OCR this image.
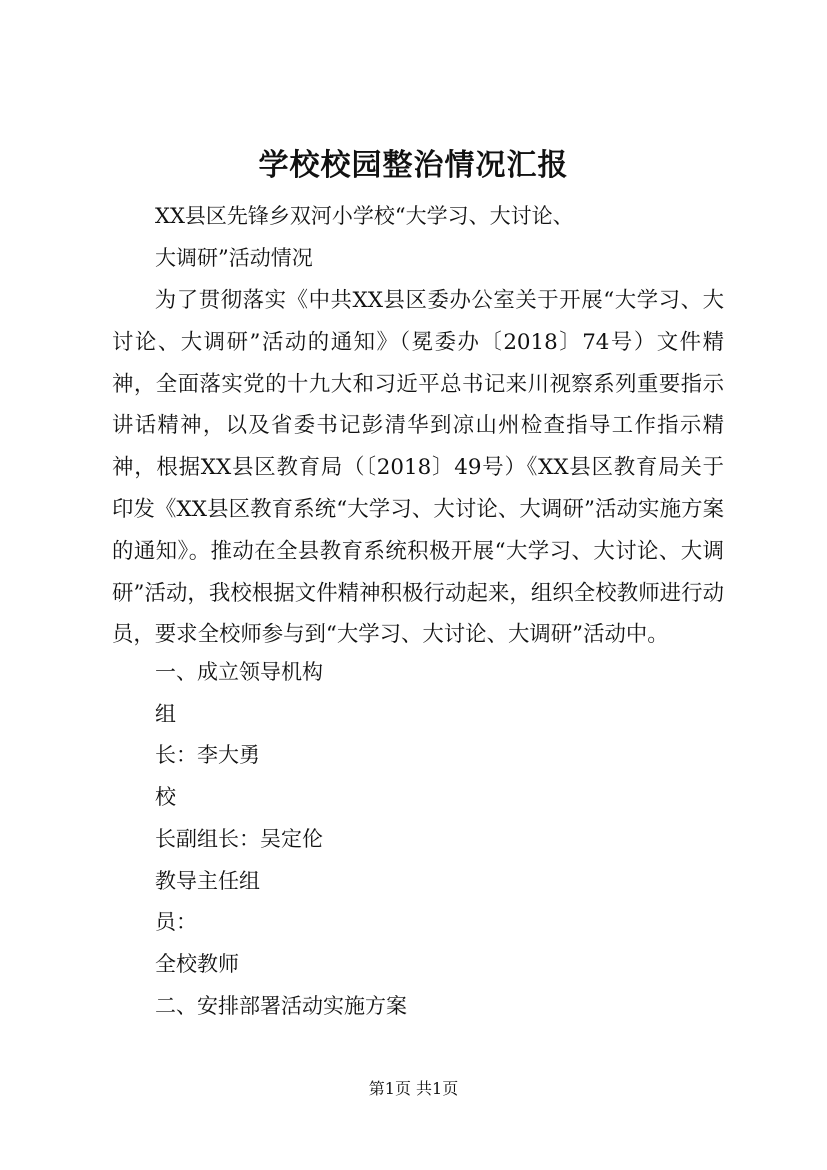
学校校园整治情况汇报

XX县区先锋乡双河小学校“大学习、大讨论、

大调研”活动情况

为了贯彻落实《中共XX县区委办公室关于开展“大学习、大讨论、大调研”活动的通知》（冕委办〔2018〕74号）文件精神，全面落实党的十九大和习近平总书记来川视察系列重要指示讲话精神，以及省委书记彭清华到凉山州检查指导工作指示精神，根据XX县区教育局（〔2018〕49号）《XX县区教育局关于印发《XX县区教育系统“大学习、大讨论、大调研”活动实施方案的通知》。推动在全县教育系统积极开展“大学习、大讨论、大调研”活动，我校根据文件精神积极行动起来，组织全校教师进行动员，要求全校师参与到“大学习、大讨论、大调研”活动中。

一、成立领导机构

组

长：李大勇

校

长副组长：吴定伦

教导主任组

员：

全校教师

二、安排部署活动实施方案

第1页 共1页
